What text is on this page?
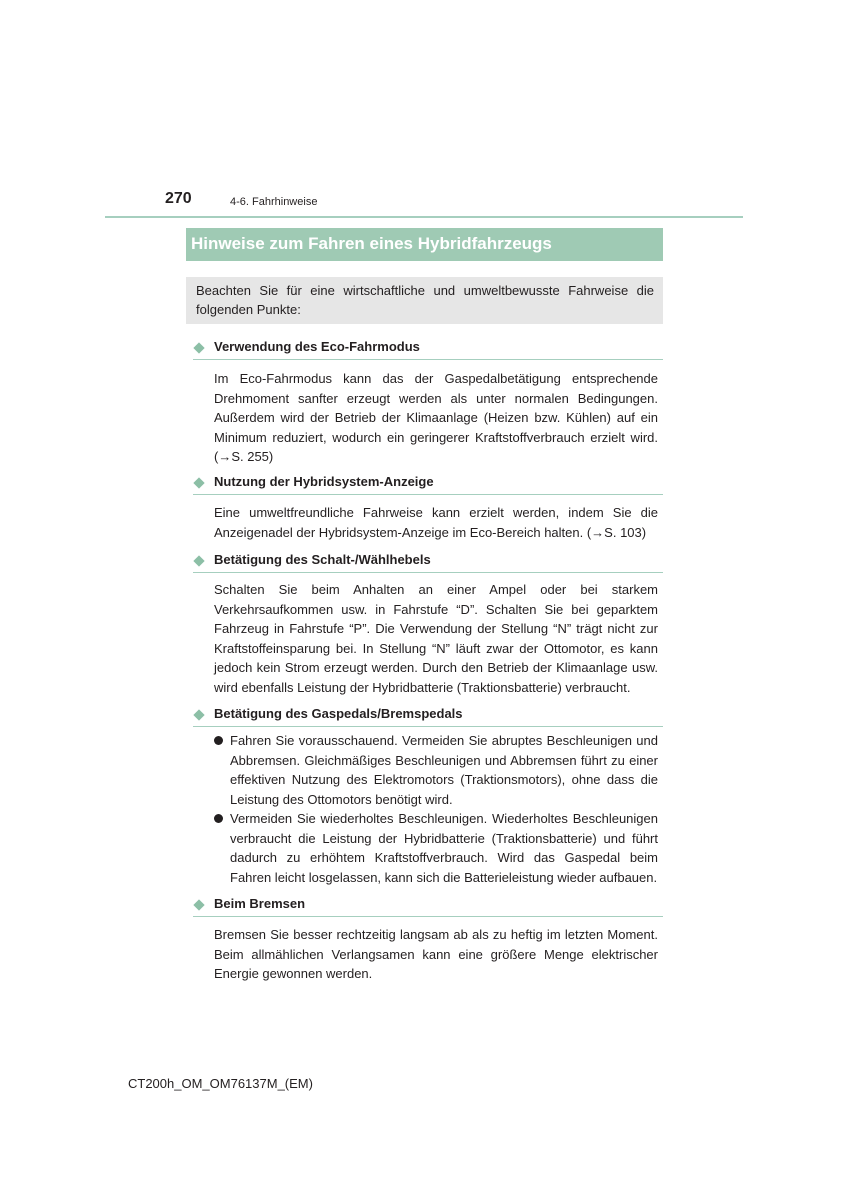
270	4-6. Fahrhinweise
Hinweise zum Fahren eines Hybridfahrzeugs

Beachten Sie für eine wirtschaftliche und umweltbewusste Fahrweise die folgenden Punkte:

Verwendung des Eco-Fahrmodus

Im Eco-Fahrmodus kann das der Gaspedalbetätigung entsprechende Drehmoment sanfter erzeugt werden als unter normalen Bedingungen. Außerdem wird der Betrieb der Klimaanlage (Heizen bzw. Kühlen) auf ein Minimum reduziert, wodurch ein geringerer Kraftstoffverbrauch erzielt wird. (→S. 255)

Nutzung der Hybridsystem-Anzeige

Eine umweltfreundliche Fahrweise kann erzielt werden, indem Sie die Anzeigenadel der Hybridsystem-Anzeige im Eco-Bereich halten. (→S. 103)

Betätigung des Schalt-/Wählhebels

Schalten Sie beim Anhalten an einer Ampel oder bei starkem Verkehrsaufkommen usw. in Fahrstufe “D”. Schalten Sie bei geparktem Fahrzeug in Fahrstufe “P”. Die Verwendung der Stellung “N” trägt nicht zur Kraftstoffeinsparung bei. In Stellung “N” läuft zwar der Ottomotor, es kann jedoch kein Strom erzeugt werden. Durch den Betrieb der Klimaanlage usw. wird ebenfalls Leistung der Hybridbatterie (Traktionsbatterie) verbraucht.

Betätigung des Gaspedals/Bremspedals

Fahren Sie vorausschauend. Vermeiden Sie abruptes Beschleunigen und Abbremsen. Gleichmäßiges Beschleunigen und Abbremsen führt zu einer effektiven Nutzung des Elektromotors (Traktionsmotors), ohne dass die Leistung des Ottomotors benötigt wird.

Vermeiden Sie wiederholtes Beschleunigen. Wiederholtes Beschleunigen verbraucht die Leistung der Hybridbatterie (Traktionsbatterie) und führt dadurch zu erhöhtem Kraftstoffverbrauch. Wird das Gaspedal beim Fahren leicht losgelassen, kann sich die Batterieleistung wieder aufbauen.

Beim Bremsen

Bremsen Sie besser rechtzeitig langsam ab als zu heftig im letzten Moment. Beim allmählichen Verlangsamen kann eine größere Menge elektrischer Energie gewonnen werden.

CT200h_OM_OM76137M_(EM)
